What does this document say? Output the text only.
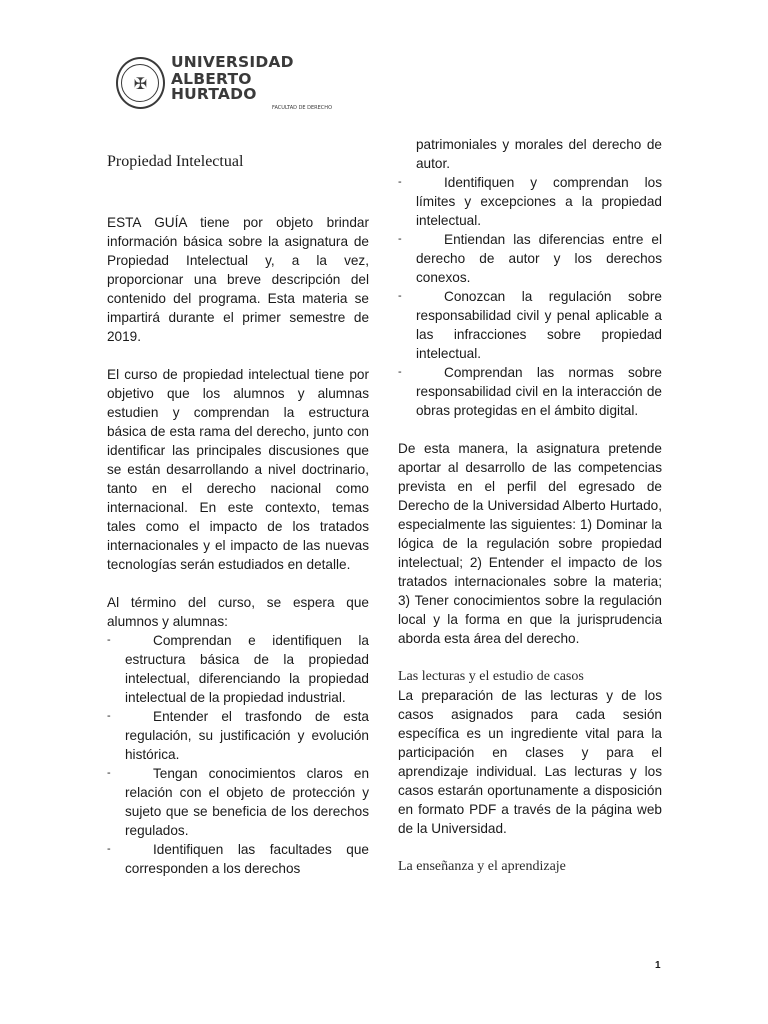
✠
UNIVERSIDAD
ALBERTO HURTADO
FACULTAD DE DERECHO
Propiedad Intelectual

ESTA GUÍA tiene por objeto brindar información básica sobre la asignatura de Propiedad Intelectual y, a la vez, proporcionar una breve descripción del contenido del programa. Esta materia se impartirá durante el primer semestre de 2019.

El curso de propiedad intelectual tiene por objetivo que los alumnos y alumnas estudien y comprendan la estructura básica de esta rama del derecho, junto con identificar las principales discusiones que se están desarrollando a nivel doctrinario, tanto en el derecho nacional como internacional. En este contexto, temas tales como el impacto de los tratados internacionales y el impacto de las nuevas tecnologías serán estudiados en detalle.

Al término del curso, se espera que alumnos y alumnas:

-	Comprendan e identifiquen la estructura básica de la propiedad intelectual, diferenciando la propiedad intelectual de la propiedad industrial.
-	Entender el trasfondo de esta regulación, su justificación y evolución histórica.
-	Tengan conocimientos claros en relación con el objeto de protección y sujeto que se beneficia de los derechos regulados.
-	Identifiquen las facultades que corresponden a los derechos
patrimoniales y morales del derecho de autor.
-	Identifiquen y comprendan los límites y excepciones a la propiedad intelectual.
-	Entiendan las diferencias entre el derecho de autor y los derechos conexos.
-	Conozcan la regulación sobre responsabilidad civil y penal aplicable a las infracciones sobre propiedad intelectual.
-	Comprendan las normas sobre responsabilidad civil en la interacción de obras protegidas en el ámbito digital.

De esta manera, la asignatura pretende aportar al desarrollo de las competencias prevista en el perfil del egresado de Derecho de la Universidad Alberto Hurtado, especialmente las siguientes: 1) Dominar la lógica de la regulación sobre propiedad intelectual; 2) Entender el impacto de los tratados internacionales sobre la materia; 3) Tener conocimientos sobre la regulación local y la forma en que la jurisprudencia aborda esta área del derecho.

Las lecturas y el estudio de casos

La preparación de las lecturas y de los casos asignados para cada sesión específica es un ingrediente vital para la participación en clases y para el aprendizaje individual. Las lecturas y los casos estarán oportunamente a disposición en formato PDF a través de la página web de la Universidad.

La enseñanza y el aprendizaje

1
